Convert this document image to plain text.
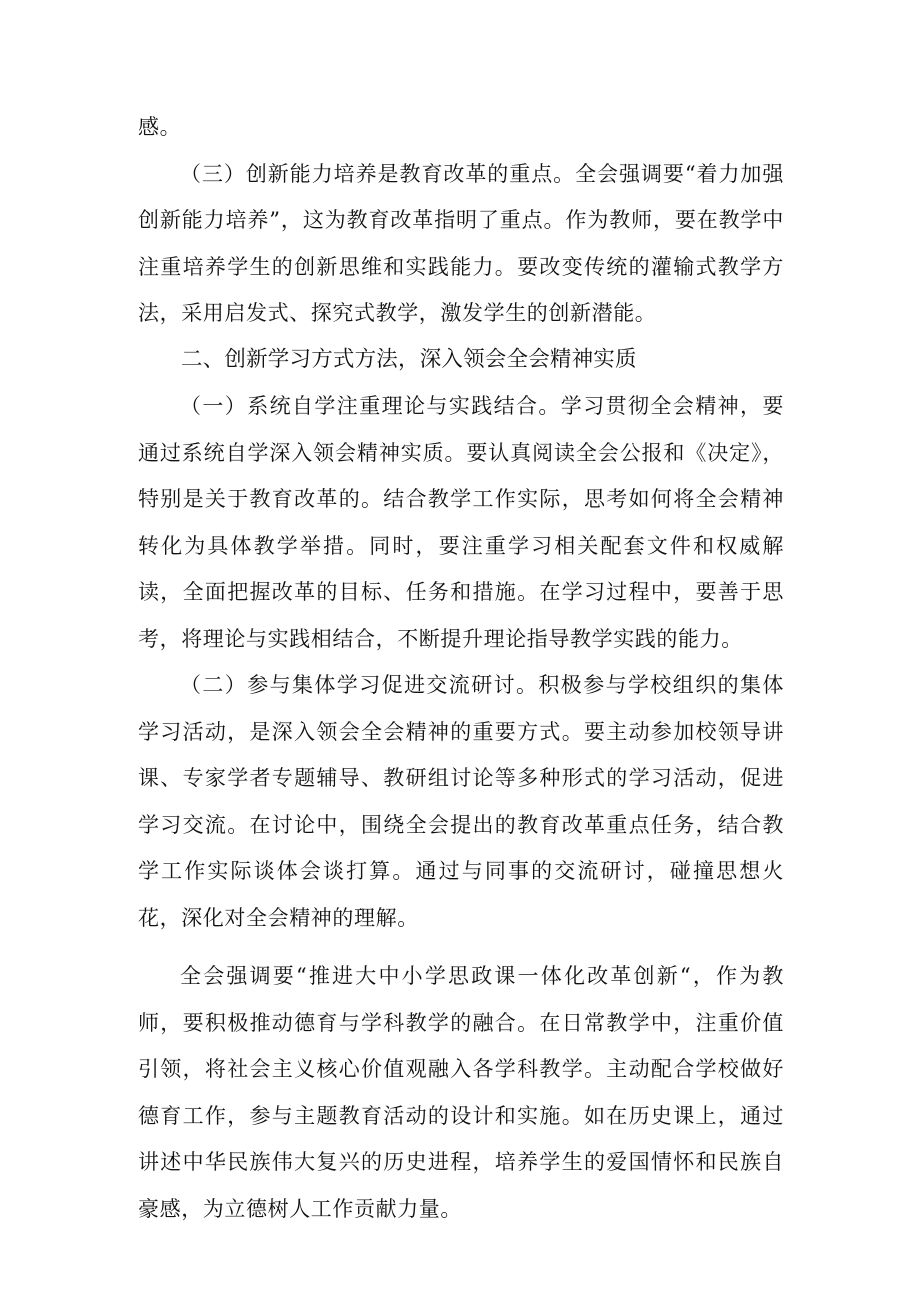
感。

（三）创新能力培养是教育改革的重点。全会强调要“着力加强创新能力培养”，这为教育改革指明了重点。作为教师，要在教学中注重培养学生的创新思维和实践能力。要改变传统的灌输式教学方法，采用启发式、探究式教学，激发学生的创新潜能。

二、创新学习方式方法，深入领会全会精神实质

（一）系统自学注重理论与实践结合。学习贯彻全会精神，要通过系统自学深入领会精神实质。要认真阅读全会公报和《决定》，特别是关于教育改革的。结合教学工作实际，思考如何将全会精神转化为具体教学举措。同时，要注重学习相关配套文件和权威解读，全面把握改革的目标、任务和措施。在学习过程中，要善于思考，将理论与实践相结合，不断提升理论指导教学实践的能力。

（二）参与集体学习促进交流研讨。积极参与学校组织的集体学习活动，是深入领会全会精神的重要方式。要主动参加校领导讲课、专家学者专题辅导、教研组讨论等多种形式的学习活动，促进学习交流。在讨论中，围绕全会提出的教育改革重点任务，结合教学工作实际谈体会谈打算。通过与同事的交流研讨，碰撞思想火花，深化对全会精神的理解。

全会强调要“推进大中小学思政课一体化改革创新“，作为教师，要积极推动德育与学科教学的融合。在日常教学中，注重价值引领，将社会主义核心价值观融入各学科教学。主动配合学校做好德育工作，参与主题教育活动的设计和实施。如在历史课上，通过讲述中华民族伟大复兴的历史进程，培养学生的爱国情怀和民族自豪感，为立德树人工作贡献力量。
